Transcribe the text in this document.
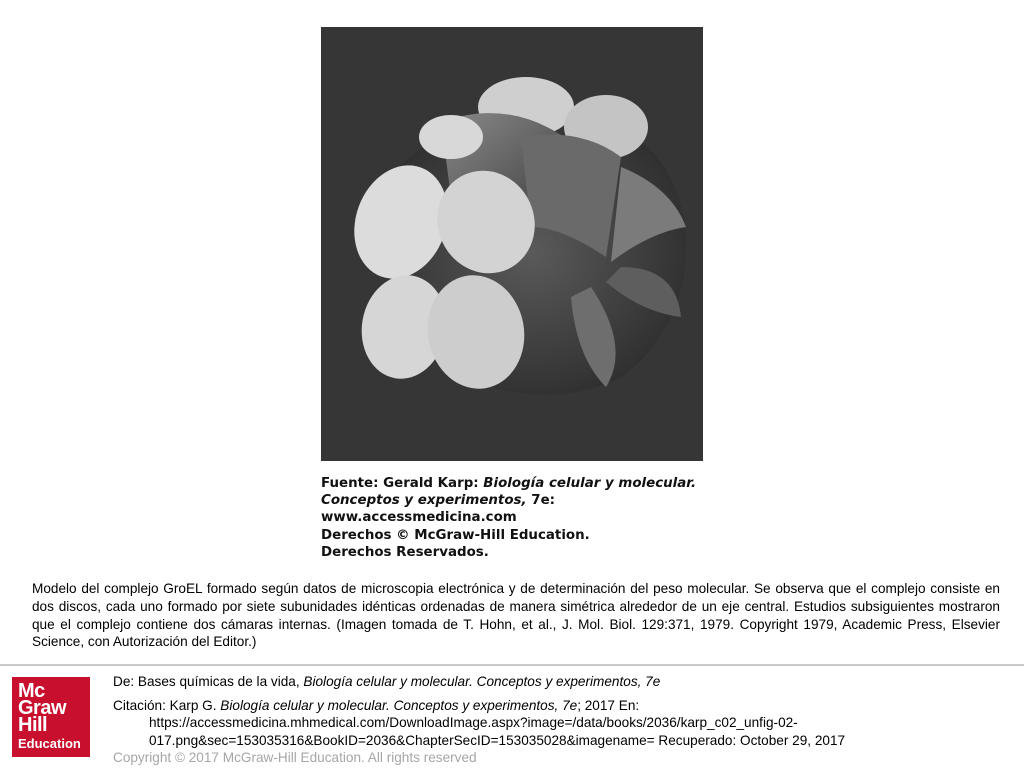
Fuente: Gerald Karp: Biología celular y molecular.
Conceptos y experimentos, 7e:
www.accessmedicina.com
Derechos © McGraw-Hill Education.
Derechos Reservados.
Modelo del complejo GroEL formado según datos de microscopia electrónica y de determinación del peso molecular. Se observa que el complejo consiste en dos discos, cada uno formado por siete subunidades idénticas ordenadas de manera simétrica alrededor de un eje central. Estudios subsiguientes mostraron que el complejo contiene dos cámaras internas. (Imagen tomada de T. Hohn, et al., J. Mol. Biol. 129:371, 1979. Copyright 1979, Academic Press, Elsevier Science, con Autorización del Editor.)
Mc
Graw
Hill
Education
De: Bases químicas de la vida, Biología celular y molecular. Conceptos y experimentos, 7e
Citación: Karp G. Biología celular y molecular. Conceptos y experimentos, 7e; 2017 En:
https://accessmedicina.mhmedical.com/DownloadImage.aspx?image=/data/books/2036/karp_c02_unfig-02-
017.png&sec=153035316&BookID=2036&ChapterSecID=153035028&imagename= Recuperado: October 29, 2017
Copyright © 2017 McGraw-Hill Education. All rights reserved
